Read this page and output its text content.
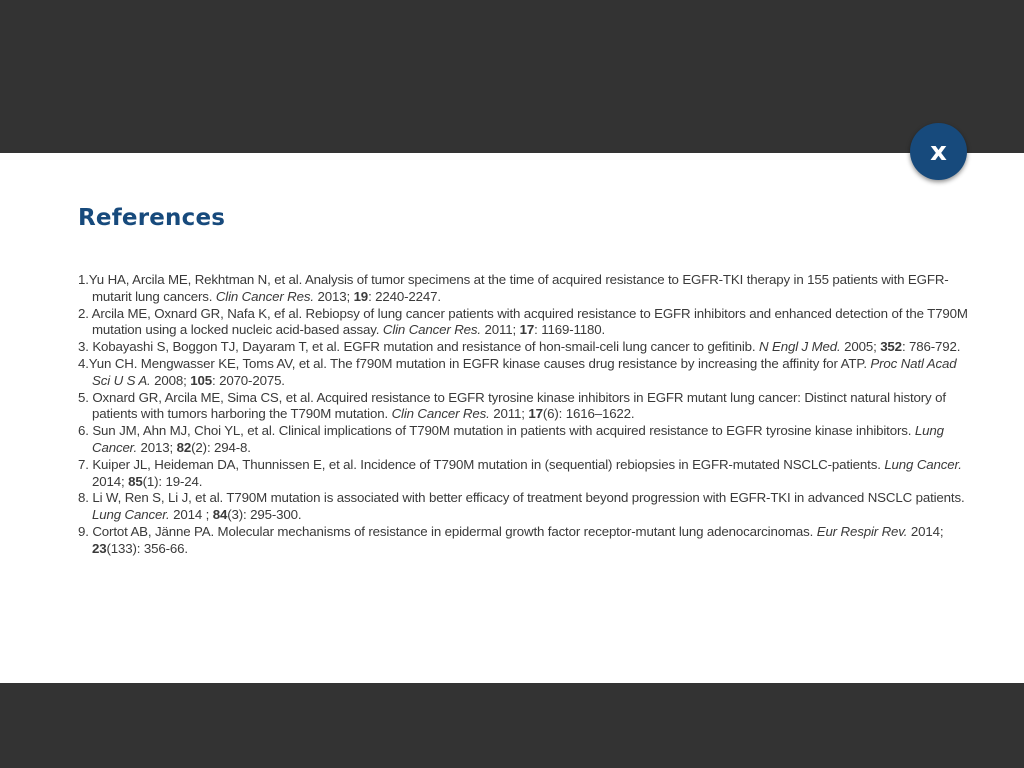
x
References
1.Yu HA, Arcila ME, Rekhtman N, et al. Analysis of tumor specimens at the time of acquired resistance to EGFR-TKI therapy in 155 patients with EGFR-mutarit lung cancers. Clin Cancer Res. 2013; 19: 2240-2247.
2. Arcila ME, Oxnard GR, Nafa K, ef al. Rebiopsy of lung cancer patients with acquired resistance to EGFR inhibitors and enhanced detection of the T790M mutation using a locked nucleic acid-based assay. Clin Cancer Res. 2011; 17: 1169-1180.
3. Kobayashi S, Boggon TJ, Dayaram T, et al. EGFR mutation and resistance of hon-smail-celi lung cancer to gefitinib. N Engl J Med. 2005; 352: 786-792.
4.Yun CH. Mengwasser KE, Toms AV, et al. The f790M mutation in EGFR kinase causes drug resistance by increasing the affinity for ATP. Proc Natl Acad Sci U S A. 2008; 105: 2070-2075.
5. Oxnard GR, Arcila ME, Sima CS, et al. Acquired resistance to EGFR tyrosine kinase inhibitors in EGFR mutant lung cancer: Distinct natural history of patients with tumors harboring the T790M mutation. Clin Cancer Res. 2011; 17(6): 1616–1622.
6. Sun JM, Ahn MJ, Choi YL, et al. Clinical implications of T790M mutation in patients with acquired resistance to EGFR tyrosine kinase inhibitors. Lung Cancer. 2013; 82(2): 294-8.
7. Kuiper JL, Heideman DA, Thunnissen E, et al. Incidence of T790M mutation in (sequential) rebiopsies in EGFR-mutated NSCLC-patients. Lung Cancer. 2014; 85(1): 19-24.
8. Li W, Ren S, Li J, et al. T790M mutation is associated with better efficacy of treatment beyond progression with EGFR-TKI in advanced NSCLC patients. Lung Cancer. 2014 ; 84(3): 295-300.
9. Cortot AB, Jänne PA. Molecular mechanisms of resistance in epidermal growth factor receptor-mutant lung adenocarcinomas. Eur Respir Rev. 2014; 23(133): 356-66.
